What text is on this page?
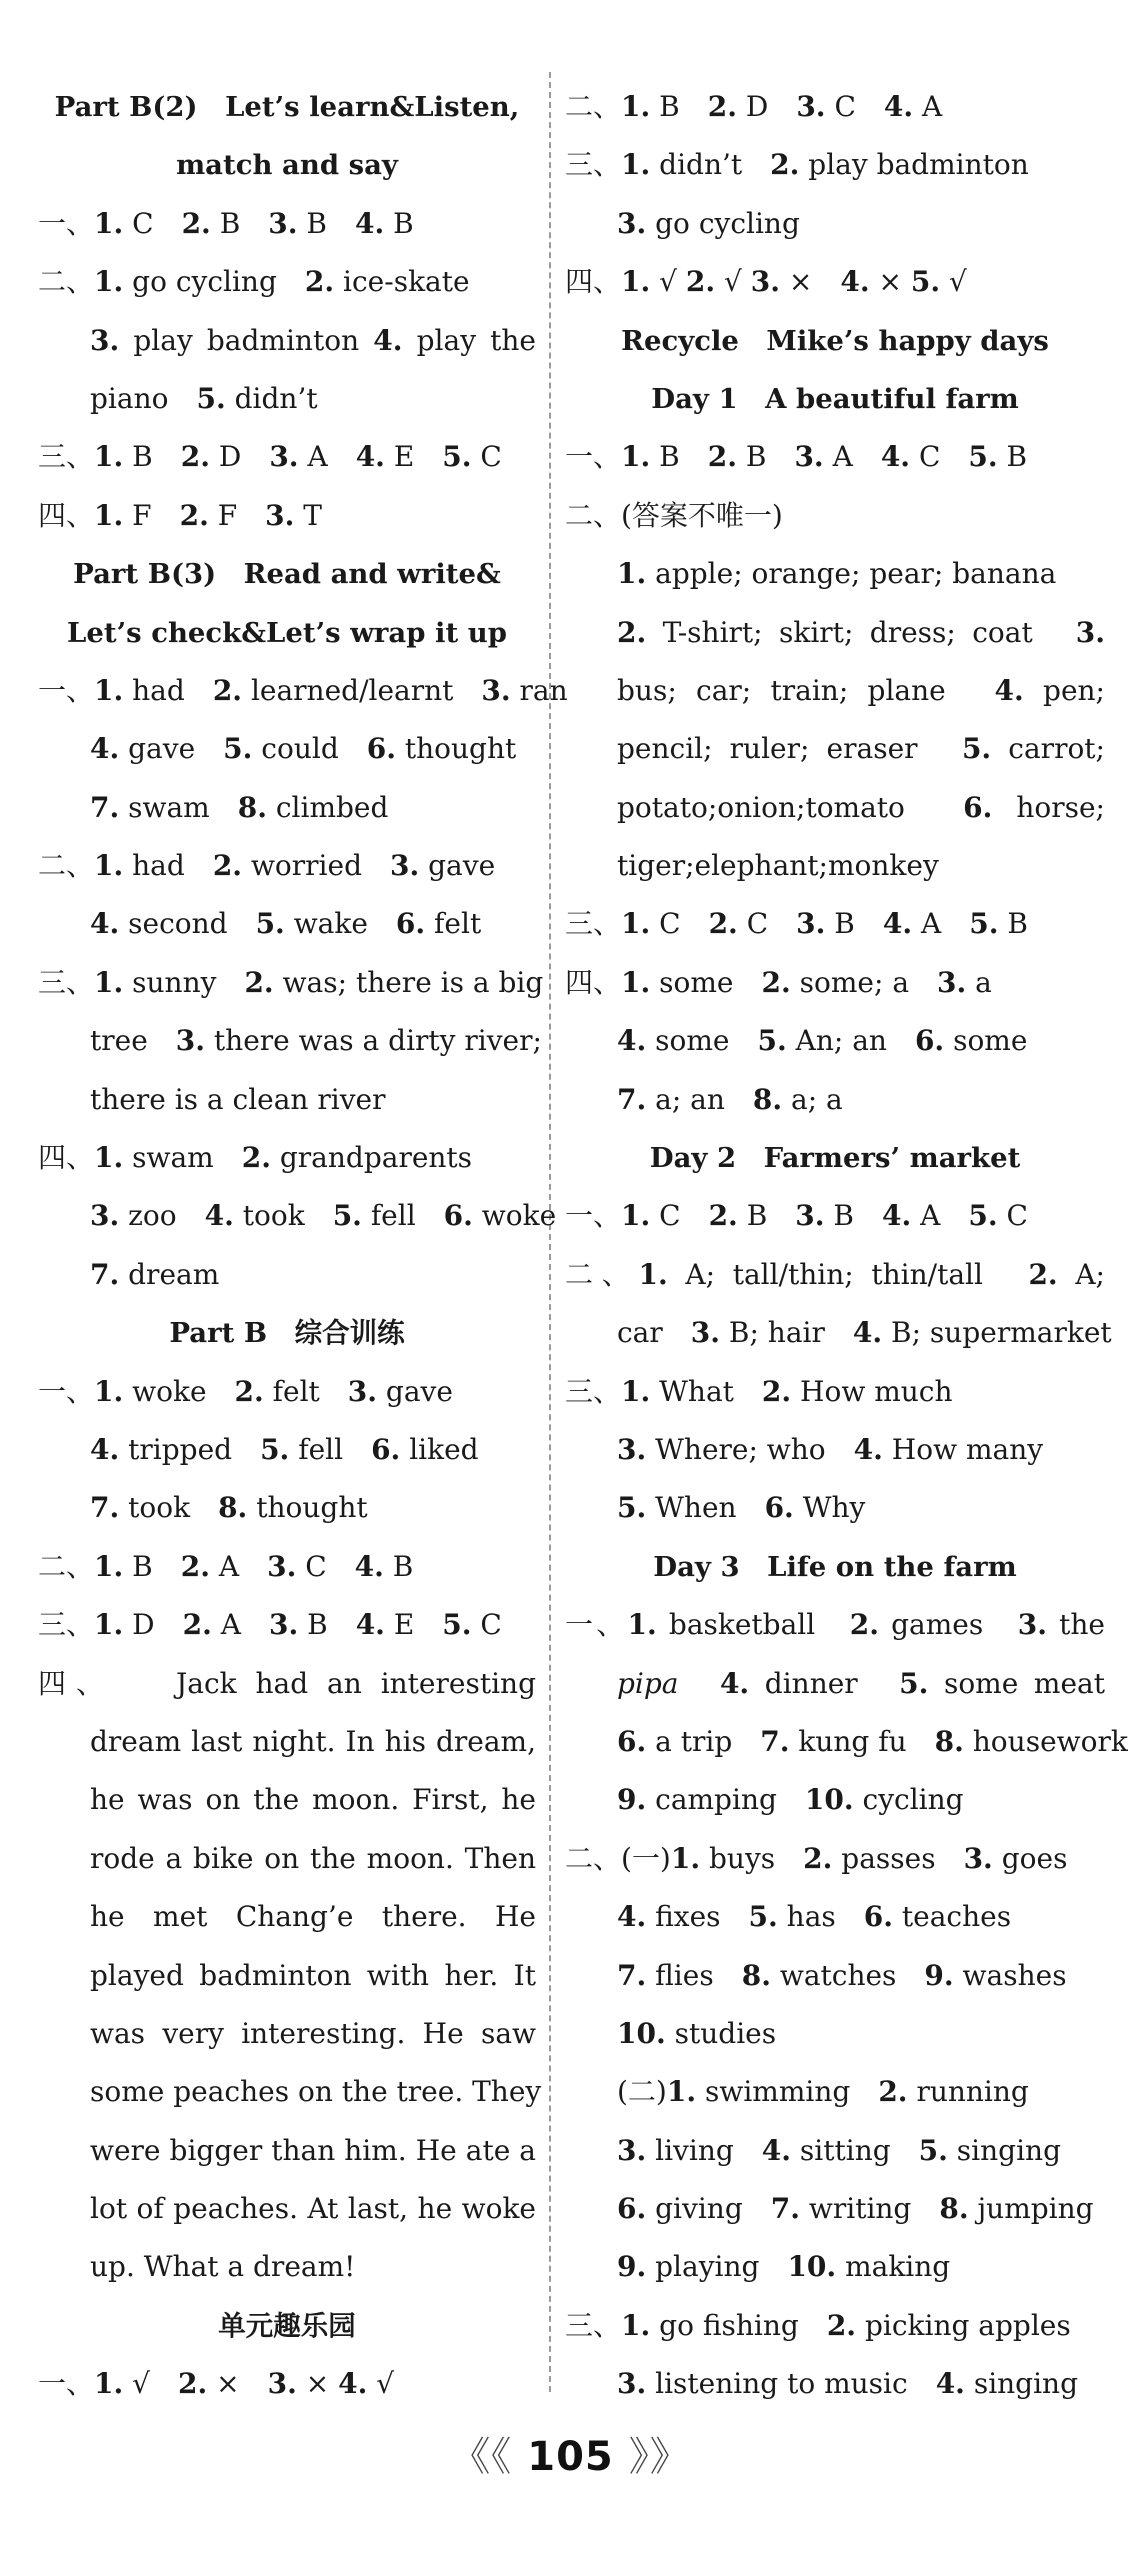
Part B(2)　Let’s learn&Listen,
match and say
一、1. C　2. B　3. B　4. B
二、1. go cycling　2. ice-skate
3. play badminton 4. play the
piano　5. didn’t
三、1. B　2. D　3. A　4. E　5. C
四、1. F　2. F　3. T
Part B(3)　Read and write&
Let’s check&Let’s wrap it up
一、1. had　2. learned/learnt　3. ran
4. gave　5. could　6. thought
7. swam　8. climbed
二、1. had　2. worried　3. gave
4. second　5. wake　6. felt
三、1. sunny　2. was; there is a big
tree　3. there was a dirty river;
there is a clean river
四、1. swam　2. grandparents
3. zoo　4. took　5. fell　6. woke
7. dream
Part B　综合训练
一、1. woke　2. felt　3. gave
4. tripped　5. fell　6. liked
7. took　8. thought
二、1. B　2. A　3. C　4. B
三、1. D　2. A　3. B　4. E　5. C
四、　　Jack had an interesting
dream last night. In his dream,
he was on the moon. First, he
rode a bike on the moon. Then
he met Chang’e there. He
played badminton with her. It
was very interesting. He saw
some peaches on the tree. They
were bigger than him. He ate a
lot of peaches. At last, he woke
up. What a dream!
单元趣乐园
一、1. √　2. ×　3. × 4. √
二、1. B　2. D　3. C　4. A
三、1. didn’t　2. play badminton
3. go cycling
四、1. √ 2. √ 3. ×　4. × 5. √
Recycle　Mike’s happy days
Day 1　A beautiful farm
一、1. B　2. B　3. A　4. C　5. B
二、(答案不唯一)
1. apple; orange; pear; banana
2. T-shirt; skirt; dress; coat　3.
bus; car; train; plane　4. pen;
pencil; ruler; eraser　5. carrot;
potato;onion;tomato　6. horse;
tiger;elephant;monkey
三、1. C　2. C　3. B　4. A　5. B
四、1. some　2. some; a　3. a
4. some　5. An; an　6. some
7. a; an　8. a; a
Day 2　Farmers’ market
一、1. C　2. B　3. B　4. A　5. C
二、1. A; tall/thin; thin/tall　2. A;
car　3. B; hair　4. B; supermarket
三、1. What　2. How much
3. Where; who　4. How many
5. When　6. Why
Day 3　Life on the farm
一、1. basketball　2. games　3. the
pipa　 4. dinner　5. some meat
6. a trip　7. kung fu　8. housework
9. camping　10. cycling
二、(一)1. buys　2. passes　3. goes
4. fixes　5. has　6. teaches
7. flies　8. watches　9. washes
10. studies
(二)1. swimming　2. running
3. living　4. sitting　5. singing
6. giving　7. writing　8. jumping
9. playing　10. making
三、1. go fishing　2. picking apples
3. listening to music　4. singing
《《 105 》》
